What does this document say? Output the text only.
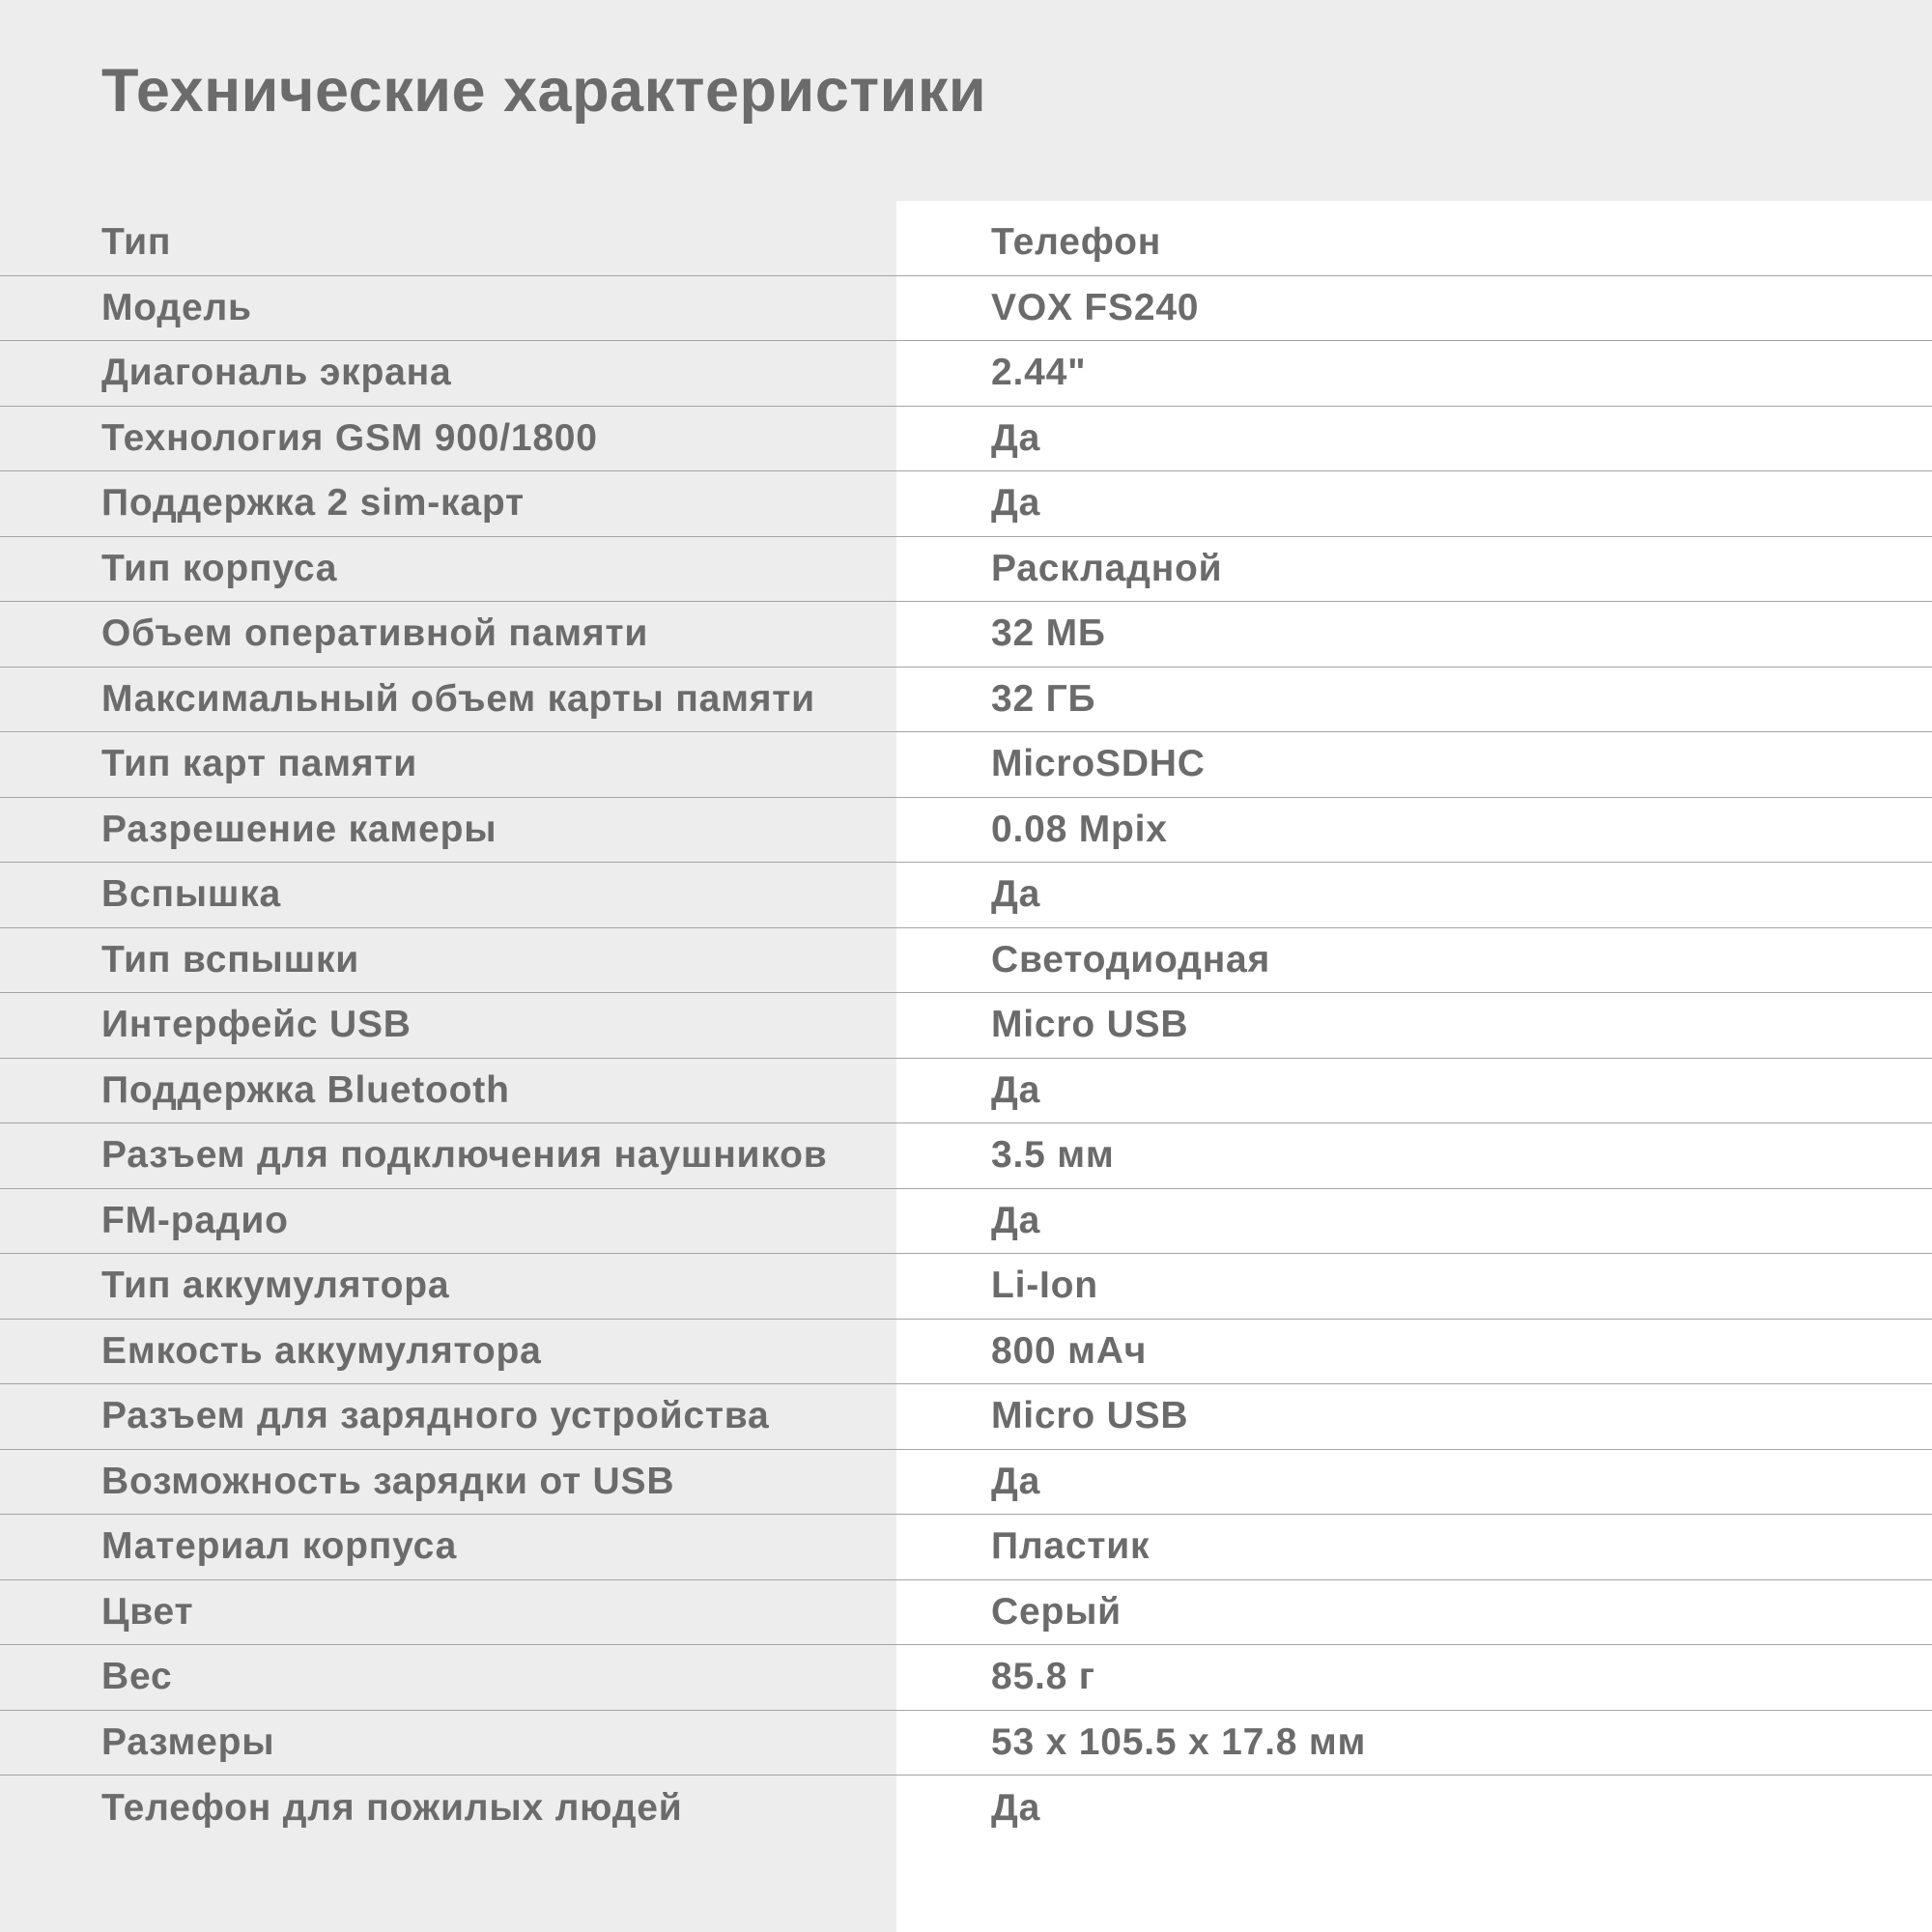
Технические характеристики
Тип	Телефон
Модель	VOX FS240
Диагональ экрана	2.44"
Технология GSM 900/1800	Да
Поддержка 2 sim-карт	Да
Тип корпуса	Раскладной
Объем оперативной памяти	32 МБ
Максимальный объем карты памяти	32 ГБ
Тип карт памяти	MicroSDHC
Разрешение камеры	0.08 Mpix
Вспышка	Да
Тип вспышки	Светодиодная
Интерфейс USB	Micro USB
Поддержка Bluetooth	Да
Разъем для подключения наушников	3.5 мм
FM-радио	Да
Тип аккумулятора	Li-Ion
Емкость аккумулятора	800 мАч
Разъем для зарядного устройства	Micro USB
Возможность зарядки от USB	Да
Материал корпуса	Пластик
Цвет	Серый
Вес	85.8 г
Размеры	53 x 105.5 x 17.8 мм
Телефон для пожилых людей	Да
